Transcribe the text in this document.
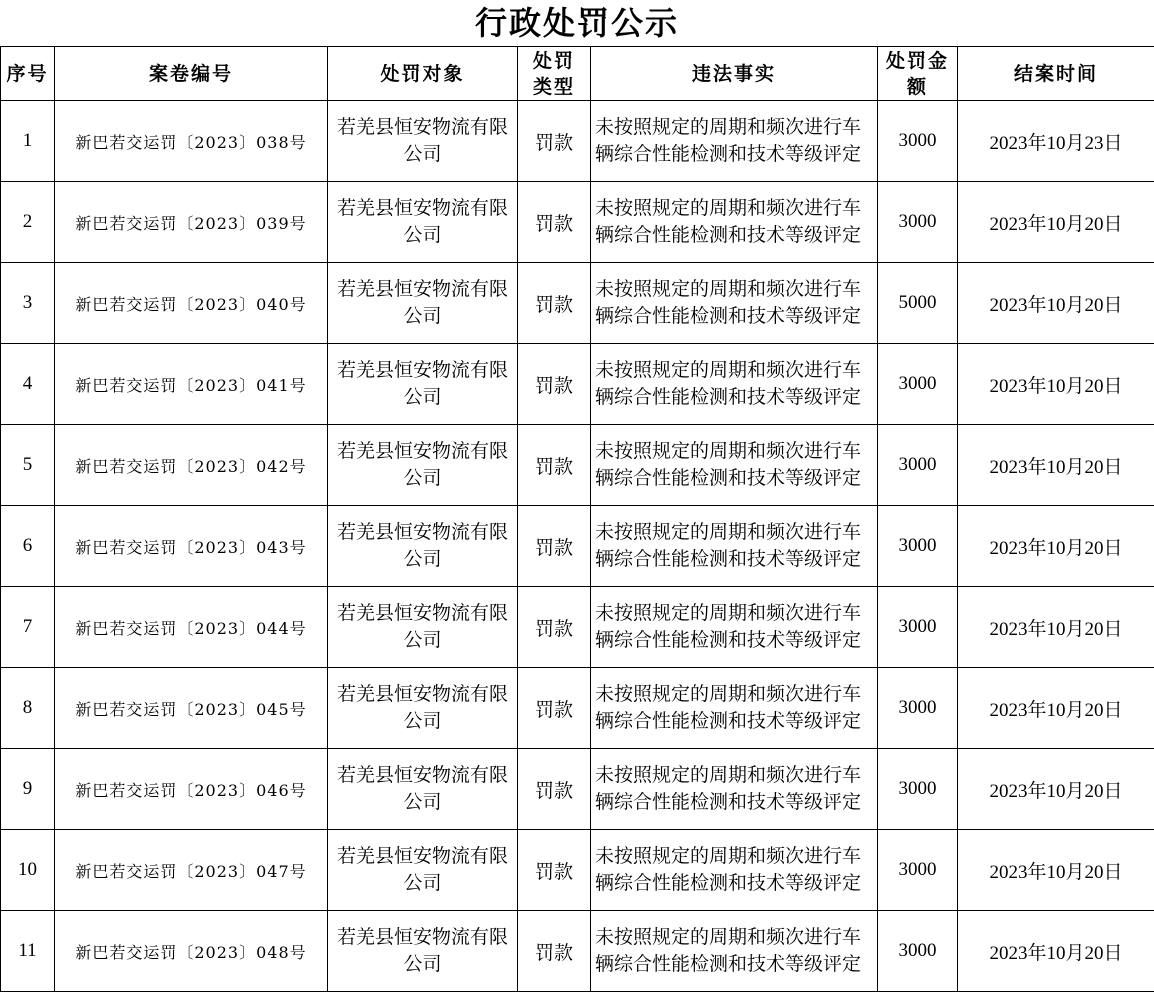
行政处罚公示
序号	案卷编号	处罚对象	处罚类型	违法事实	处罚金额	结案时间
1	新巴若交运罚〔2023〕038号	若羌县恒安物流有限公司	罚款	未按照规定的周期和频次进行车辆综合性能检测和技术等级评定	3000	2023年10月23日
2	新巴若交运罚〔2023〕039号	若羌县恒安物流有限公司	罚款	未按照规定的周期和频次进行车辆综合性能检测和技术等级评定	3000	2023年10月20日
3	新巴若交运罚〔2023〕040号	若羌县恒安物流有限公司	罚款	未按照规定的周期和频次进行车辆综合性能检测和技术等级评定	5000	2023年10月20日
4	新巴若交运罚〔2023〕041号	若羌县恒安物流有限公司	罚款	未按照规定的周期和频次进行车辆综合性能检测和技术等级评定	3000	2023年10月20日
5	新巴若交运罚〔2023〕042号	若羌县恒安物流有限公司	罚款	未按照规定的周期和频次进行车辆综合性能检测和技术等级评定	3000	2023年10月20日
6	新巴若交运罚〔2023〕043号	若羌县恒安物流有限公司	罚款	未按照规定的周期和频次进行车辆综合性能检测和技术等级评定	3000	2023年10月20日
7	新巴若交运罚〔2023〕044号	若羌县恒安物流有限公司	罚款	未按照规定的周期和频次进行车辆综合性能检测和技术等级评定	3000	2023年10月20日
8	新巴若交运罚〔2023〕045号	若羌县恒安物流有限公司	罚款	未按照规定的周期和频次进行车辆综合性能检测和技术等级评定	3000	2023年10月20日
9	新巴若交运罚〔2023〕046号	若羌县恒安物流有限公司	罚款	未按照规定的周期和频次进行车辆综合性能检测和技术等级评定	3000	2023年10月20日
10	新巴若交运罚〔2023〕047号	若羌县恒安物流有限公司	罚款	未按照规定的周期和频次进行车辆综合性能检测和技术等级评定	3000	2023年10月20日
11	新巴若交运罚〔2023〕048号	若羌县恒安物流有限公司	罚款	未按照规定的周期和频次进行车辆综合性能检测和技术等级评定	3000	2023年10月20日
